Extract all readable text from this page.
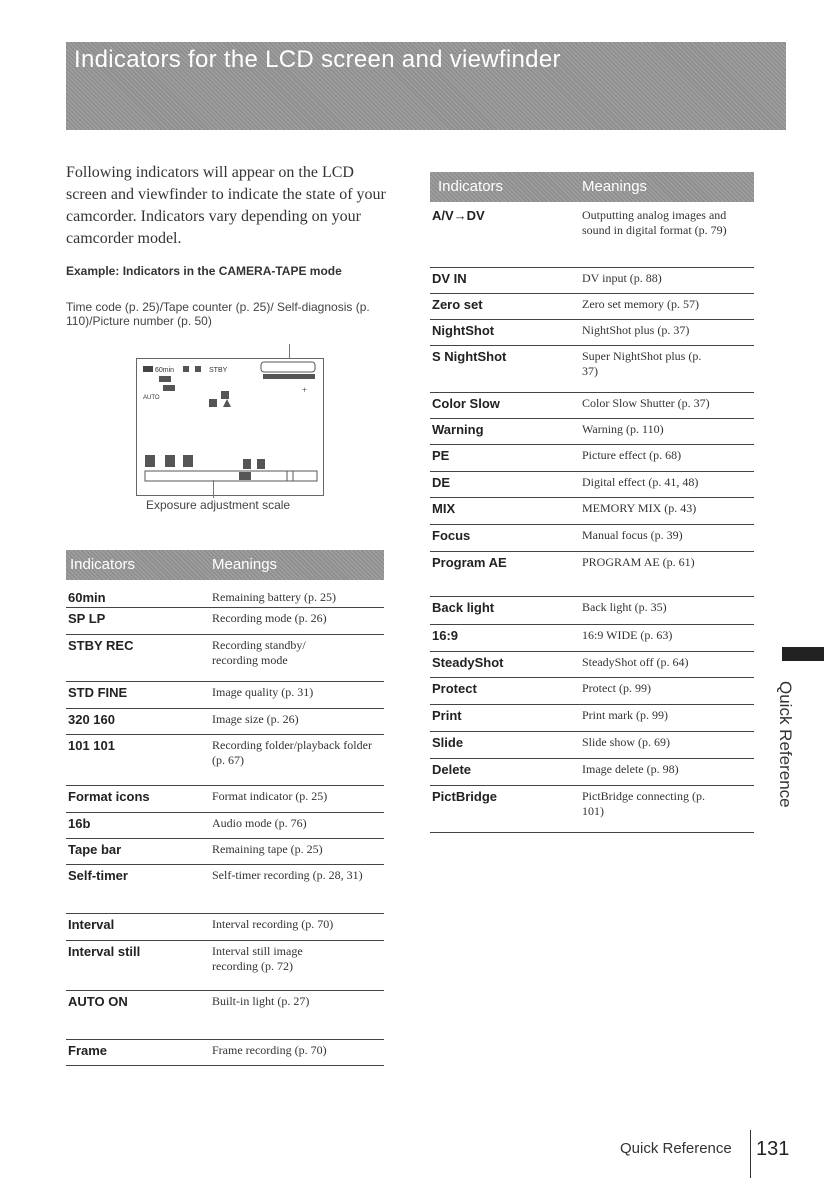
Indicators for the LCD screen and viewfinder
Following indicators will appear on the LCD screen and viewfinder to indicate the state of your camcorder. Indicators vary depending on your camcorder model.
Example: Indicators in the CAMERA-TAPE mode
Time code (p. 25)/Tape counter (p. 25)/ Self-diagnosis (p. 110)/Picture number (p. 50)
60min	STBY
AUTO
+
Exposure adjustment scale
Indicators	Meanings
60min	Remaining battery (p. 25)
SP LP	Recording mode (p. 26)
STBY REC	Recording standby/ recording mode
STD FINE	Image quality (p. 31)
320 160	Image size (p. 26)
101 101	Recording folder/playback folder (p. 67)
Format icons	Format indicator (p. 25)
16b	Audio mode (p. 76)
Tape bar	Remaining tape (p. 25)
Self-timer	Self-timer recording (p. 28, 31)
Interval	Interval recording (p. 70)
Interval still	Interval still image recording (p. 72)
AUTO ON	Built-in light (p. 27)
Frame	Frame recording (p. 70)
Indicators	Meanings
A/V→DV	Outputting analog images and sound in digital format (p. 79)
DV IN	DV input (p. 88)
Zero set	Zero set memory (p. 57)
NightShot	NightShot plus (p. 37)
S NightShot	Super NightShot plus (p. 37)
Color Slow	Color Slow Shutter (p. 37)
Warning	Warning (p. 110)
PE	Picture effect (p. 68)
DE	Digital effect (p. 41, 48)
MIX	MEMORY MIX (p. 43)
Focus	Manual focus (p. 39)
Program AE	PROGRAM AE (p. 61)
Back light	Back light (p. 35)
16:9	16:9 WIDE (p. 63)
SteadyShot	SteadyShot off (p. 64)
Protect	Protect (p. 99)
Print	Print mark (p. 99)
Slide	Slide show (p. 69)
Delete	Image delete (p. 98)
PictBridge	PictBridge connecting (p. 101)
Quick Reference
Quick Reference 131
